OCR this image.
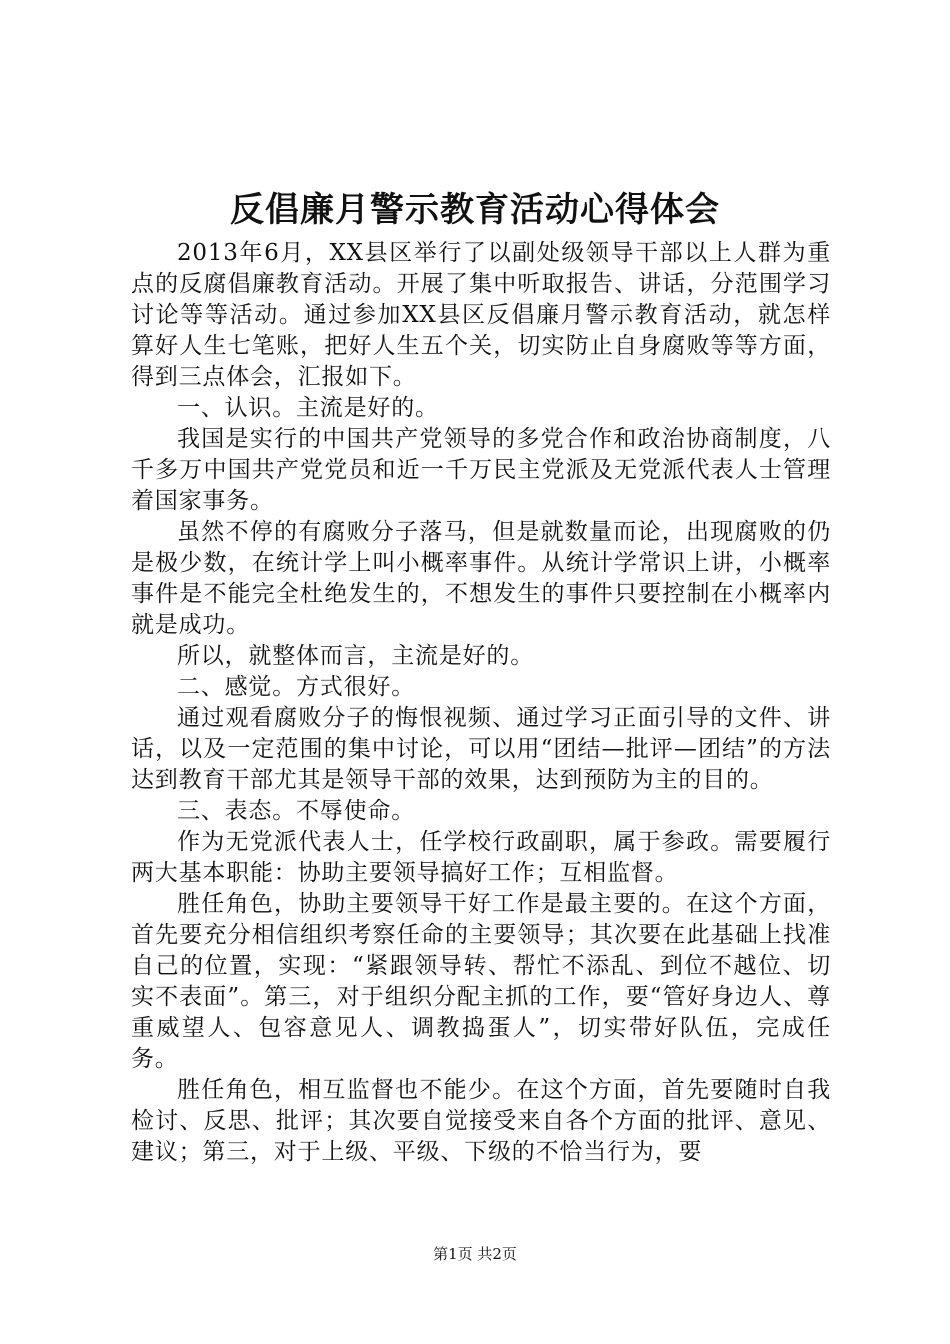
反倡廉月警示教育活动心得体会

2013年6月，XX县区举行了以副处级领导干部以上人群为重点的反腐倡廉教育活动。开展了集中听取报告、讲话，分范围学习讨论等等活动。通过参加XX县区反倡廉月警示教育活动，就怎样算好人生七笔账，把好人生五个关，切实防止自身腐败等等方面，得到三点体会，汇报如下。

一、认识。主流是好的。

我国是实行的中国共产党领导的多党合作和政治协商制度，八千多万中国共产党党员和近一千万民主党派及无党派代表人士管理着国家事务。

虽然不停的有腐败分子落马，但是就数量而论，出现腐败的仍是极少数，在统计学上叫小概率事件。从统计学常识上讲，小概率事件是不能完全杜绝发生的，不想发生的事件只要控制在小概率内就是成功。

所以，就整体而言，主流是好的。

二、感觉。方式很好。

通过观看腐败分子的悔恨视频、通过学习正面引导的文件、讲话，以及一定范围的集中讨论，可以用“团结—批评—团结”的方法达到教育干部尤其是领导干部的效果，达到预防为主的目的。

三、表态。不辱使命。

作为无党派代表人士，任学校行政副职，属于参政。需要履行两大基本职能：协助主要领导搞好工作；互相监督。

胜任角色，协助主要领导干好工作是最主要的。在这个方面，首先要充分相信组织考察任命的主要领导；其次要在此基础上找准自己的位置，实现：“紧跟领导转、帮忙不添乱、到位不越位、切实不表面”。第三，对于组织分配主抓的工作，要“管好身边人、尊重威望人、包容意见人、调教捣蛋人”，切实带好队伍，完成任务。

胜任角色，相互监督也不能少。在这个方面，首先要随时自我检讨、反思、批评；其次要自觉接受来自各个方面的批评、意见、建议；第三，对于上级、平级、下级的不恰当行为，要

第1页 共2页
